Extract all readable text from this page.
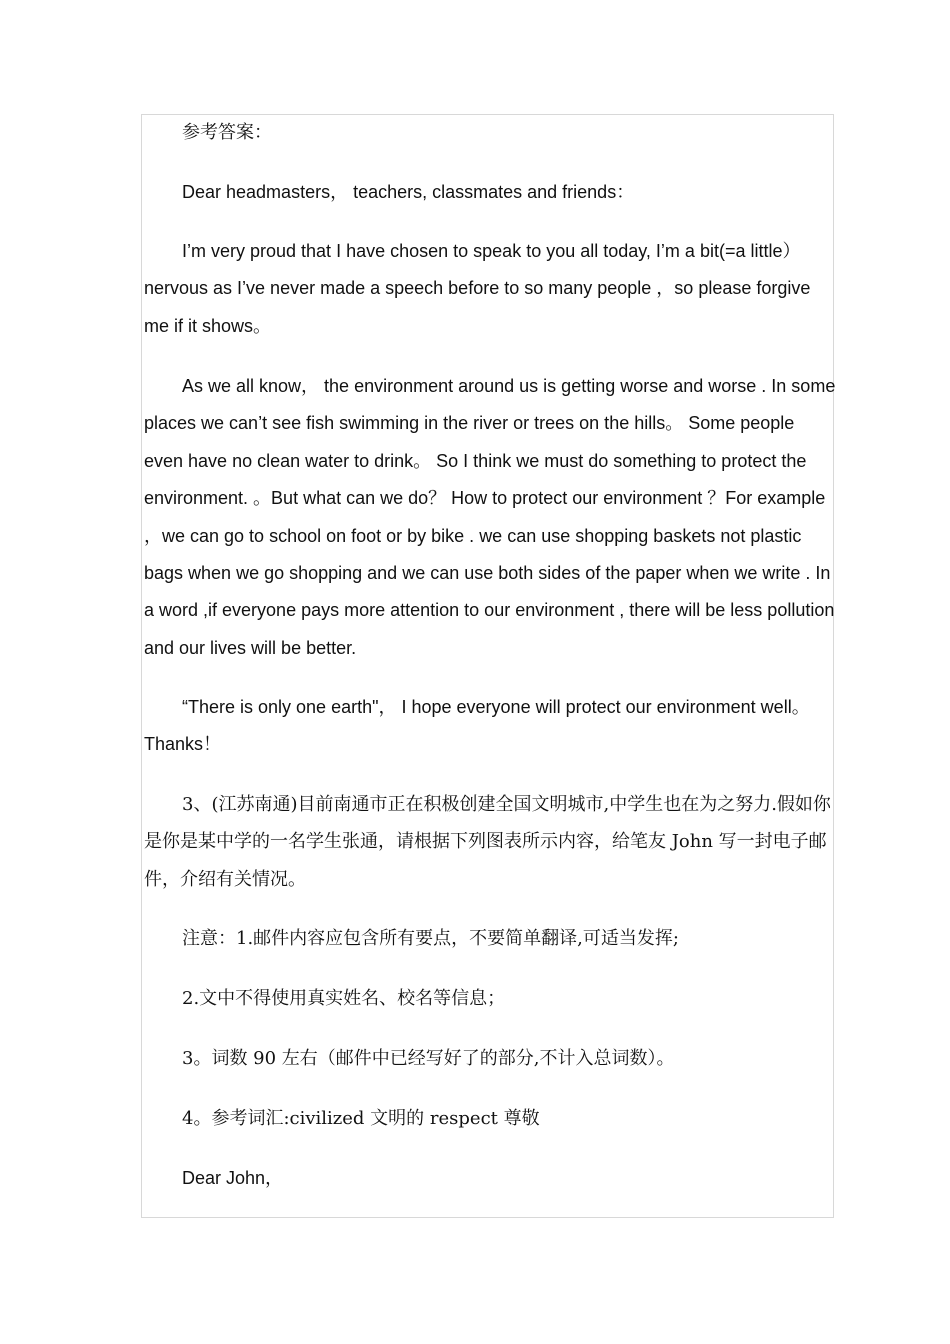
参考答案：

Dear headmasters， teachers, classmates and friends：

I’m very proud that I have chosen to speak to you all today, I’m a bit(=a little）nervous as I’ve never made a speech before to so many people ，so please forgive me if it shows。

As we all know， the environment around us is getting worse and worse . In some places we can’t see fish swimming in the river or trees on the hills。 Some people even have no clean water to drink。 So I think we must do something to protect the environment. 。But what can we do？ How to protect our environment ？For example ，we can go to school on foot or by bike . we can use shopping baskets not plastic bags when we go shopping and we can use both sides of the paper when we write . In a word ,if everyone pays more attention to our environment , there will be less pollution and our lives will be better.

“There is only one earth"， I hope everyone will protect our environment well。Thanks！

3、(江苏南通)目前南通市正在积极创建全国文明城市,中学生也在为之努力.假如你是你是某中学的一名学生张通，请根据下列图表所示内容，给笔友 John 写一封电子邮件，介绍有关情况。

注意：1.邮件内容应包含所有要点，不要简单翻译,可适当发挥;

2.文中不得使用真实姓名、校名等信息；

3。词数 90 左右（邮件中已经写好了的部分,不计入总词数）。

4。参考词汇:civilized 文明的 respect 尊敬

Dear John，
